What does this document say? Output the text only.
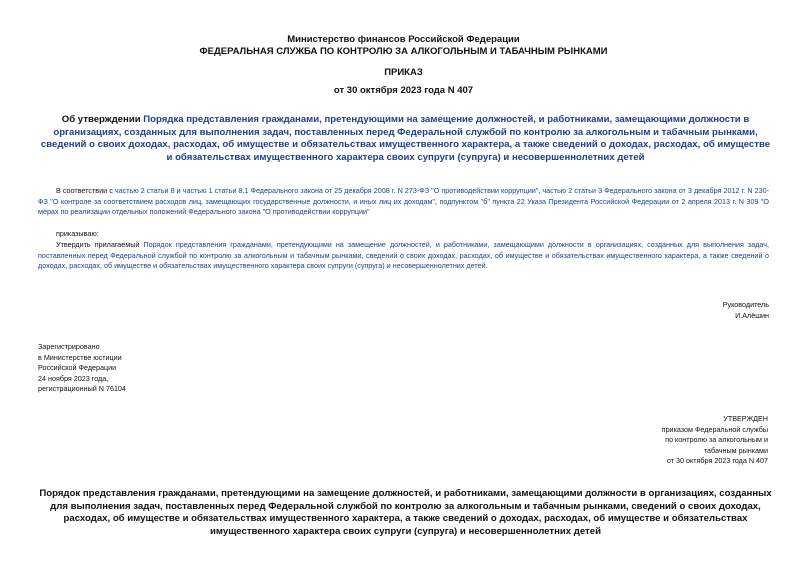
Министерство финансов Российской Федерации
ФЕДЕРАЛЬНАЯ СЛУЖБА ПО КОНТРОЛЮ ЗА АЛКОГОЛЬНЫМ И ТАБАЧНЫМ РЫНКАМИ
ПРИКАЗ
от 30 октября 2023 года N 407
Об утверждении Порядка представления гражданами, претендующими на замещение должностей, и работниками, замещающими должности в организациях, созданных для выполнения задач, поставленных перед Федеральной службой по контролю за алкогольным и табачным рынками, сведений о своих доходах, расходах, об имуществе и обязательствах имущественного характера, а также сведений о доходах, расходах, об имуществе и обязательствах имущественного характера своих супруги (супруга) и несовершеннолетних детей
В соответствии с частью 2 статьи 8 и частью 1 статьи 8.1 Федерального закона от 25 декабря 2008 г. N 273-ФЗ "О противодействии коррупции", частью 2 статьи 3 Федерального закона от 3 декабря 2012 г. N 230-ФЗ "О контроле за соответствием расходов лиц, замещающих государственные должности, и иных лиц их доходам", подпунктом "б" пункта 22 Указа Президента Российской Федерации от 2 апреля 2013 г. N 309 "О мерах по реализации отдельных положений Федерального закона "О противодействии коррупции"
приказываю:
Утвердить прилагаемый Порядок представления гражданами, претендующими на замещение должностей, и работниками, замещающими должности в организациях, созданных для выполнения задач, поставленных перед Федеральной службой по контролю за алкогольным и табачным рынками, сведений о своих доходах, расходах, об имуществе и обязательствах имущественного характера, а также сведений о доходах, расходах, об имуществе и обязательствах имущественного характера своих супруги (супруга) и несовершеннолетних детей.
Руководитель
И.Алёшин
Зарегистрировано
в Министерстве юстиции
Российской Федерации
24 ноября 2023 года,
регистрационный N 76104
УТВЕРЖДЕН
приказом Федеральной службы
по контролю за алкогольным и
табачным рынками
от 30 октября 2023 года N 407
Порядок представления гражданами, претендующими на замещение должностей, и работниками, замещающими должности в организациях, созданных для выполнения задач, поставленных перед Федеральной службой по контролю за алкогольным и табачным рынками, сведений о своих доходах, расходах, об имуществе и обязательствах имущественного характера, а также сведений о доходах, расходах, об имуществе и обязательствах имущественного характера своих супруги (супруга) и несовершеннолетних детей
